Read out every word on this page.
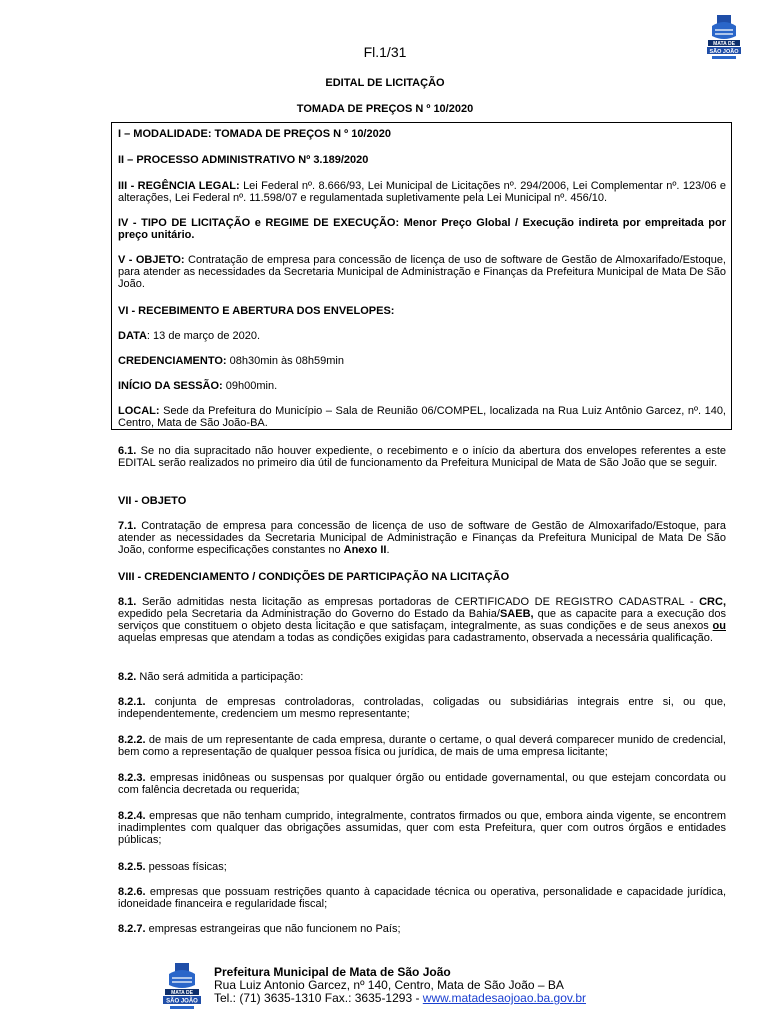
MATA DE
SÃO JOÃO
Fl.1/31
EDITAL DE LICITAÇÃO
TOMADA DE PREÇOS N º 10/2020

I – MODALIDADE: TOMADA DE PREÇOS N º 10/2020

II – PROCESSO ADMINISTRATIVO Nº 3.189/2020

III - REGÊNCIA LEGAL: Lei Federal nº. 8.666/93, Lei Municipal de Licitações nº. 294/2006, Lei Complementar nº. 123/06 e alterações, Lei Federal nº. 11.598/07 e regulamentada supletivamente pela Lei Municipal nº. 456/10.

IV - TIPO DE LICITAÇÃO e REGIME DE EXECUÇÃO: Menor Preço Global / Execução indireta por empreitada por preço unitário.

V - OBJETO: Contratação de empresa para concessão de licença de uso de software de Gestão de Almoxarifado/Estoque, para atender as necessidades da Secretaria Municipal de Administração e Finanças da Prefeitura Municipal de Mata De São João.

VI - RECEBIMENTO E ABERTURA DOS ENVELOPES:

DATA: 13 de março de 2020.

CREDENCIAMENTO: 08h30min às 08h59min

INÍCIO DA SESSÃO: 09h00min.

LOCAL: Sede da Prefeitura do Município – Sala de Reunião 06/COMPEL, localizada na Rua Luiz Antônio Garcez, nº. 140, Centro, Mata de São João-BA.

6.1. Se no dia supracitado não houver expediente, o recebimento e o início da abertura dos envelopes referentes a este EDITAL serão realizados no primeiro dia útil de funcionamento da Prefeitura Municipal de Mata de São João que se seguir.

VII - OBJETO

7.1. Contratação de empresa para concessão de licença de uso de software de Gestão de Almoxarifado/Estoque, para atender as necessidades da Secretaria Municipal de Administração e Finanças da Prefeitura Municipal de Mata De São João, conforme especificações constantes no Anexo II.

VIII - CREDENCIAMENTO / CONDIÇÕES DE PARTICIPAÇÃO NA LICITAÇÃO

8.1. Serão admitidas nesta licitação as empresas portadoras de CERTIFICADO DE REGISTRO CADASTRAL - CRC, expedido pela Secretaria da Administração do Governo do Estado da Bahia/SAEB, que as capacite para a execução dos serviços que constituem o objeto desta licitação e que satisfaçam, integralmente, as suas condições e de seus anexos ou aquelas empresas que atendam a todas as condições exigidas para cadastramento, observada a necessária qualificação.

8.2. Não será admitida a participação:

8.2.1. conjunta de empresas controladoras, controladas, coligadas ou subsidiárias integrais entre si, ou que, independentemente, credenciem um mesmo representante;

8.2.2. de mais de um representante de cada empresa, durante o certame, o qual deverá comparecer munido de credencial, bem como a representação de qualquer pessoa física ou jurídica, de mais de uma empresa licitante;

8.2.3. empresas inidôneas ou suspensas por qualquer órgão ou entidade governamental, ou que estejam concordata ou com falência decretada ou requerida;

8.2.4. empresas que não tenham cumprido, integralmente, contratos firmados ou que, embora ainda vigente, se encontrem inadimplentes com qualquer das obrigações assumidas, quer com esta Prefeitura, quer com outros órgãos e entidades públicas;

8.2.5. pessoas físicas;

8.2.6. empresas que possuam restrições quanto à capacidade técnica ou operativa, personalidade e capacidade jurídica, idoneidade financeira e regularidade fiscal;

8.2.7. empresas estrangeiras que não funcionem no País;

MATA DE
SÃO JOÃO
Prefeitura Municipal de Mata de São João
Rua Luiz Antonio Garcez, nº 140, Centro, Mata de São João – BA
Tel.: (71) 3635-1310 Fax.: 3635-1293 - www.matadesaojoao.ba.gov.br
